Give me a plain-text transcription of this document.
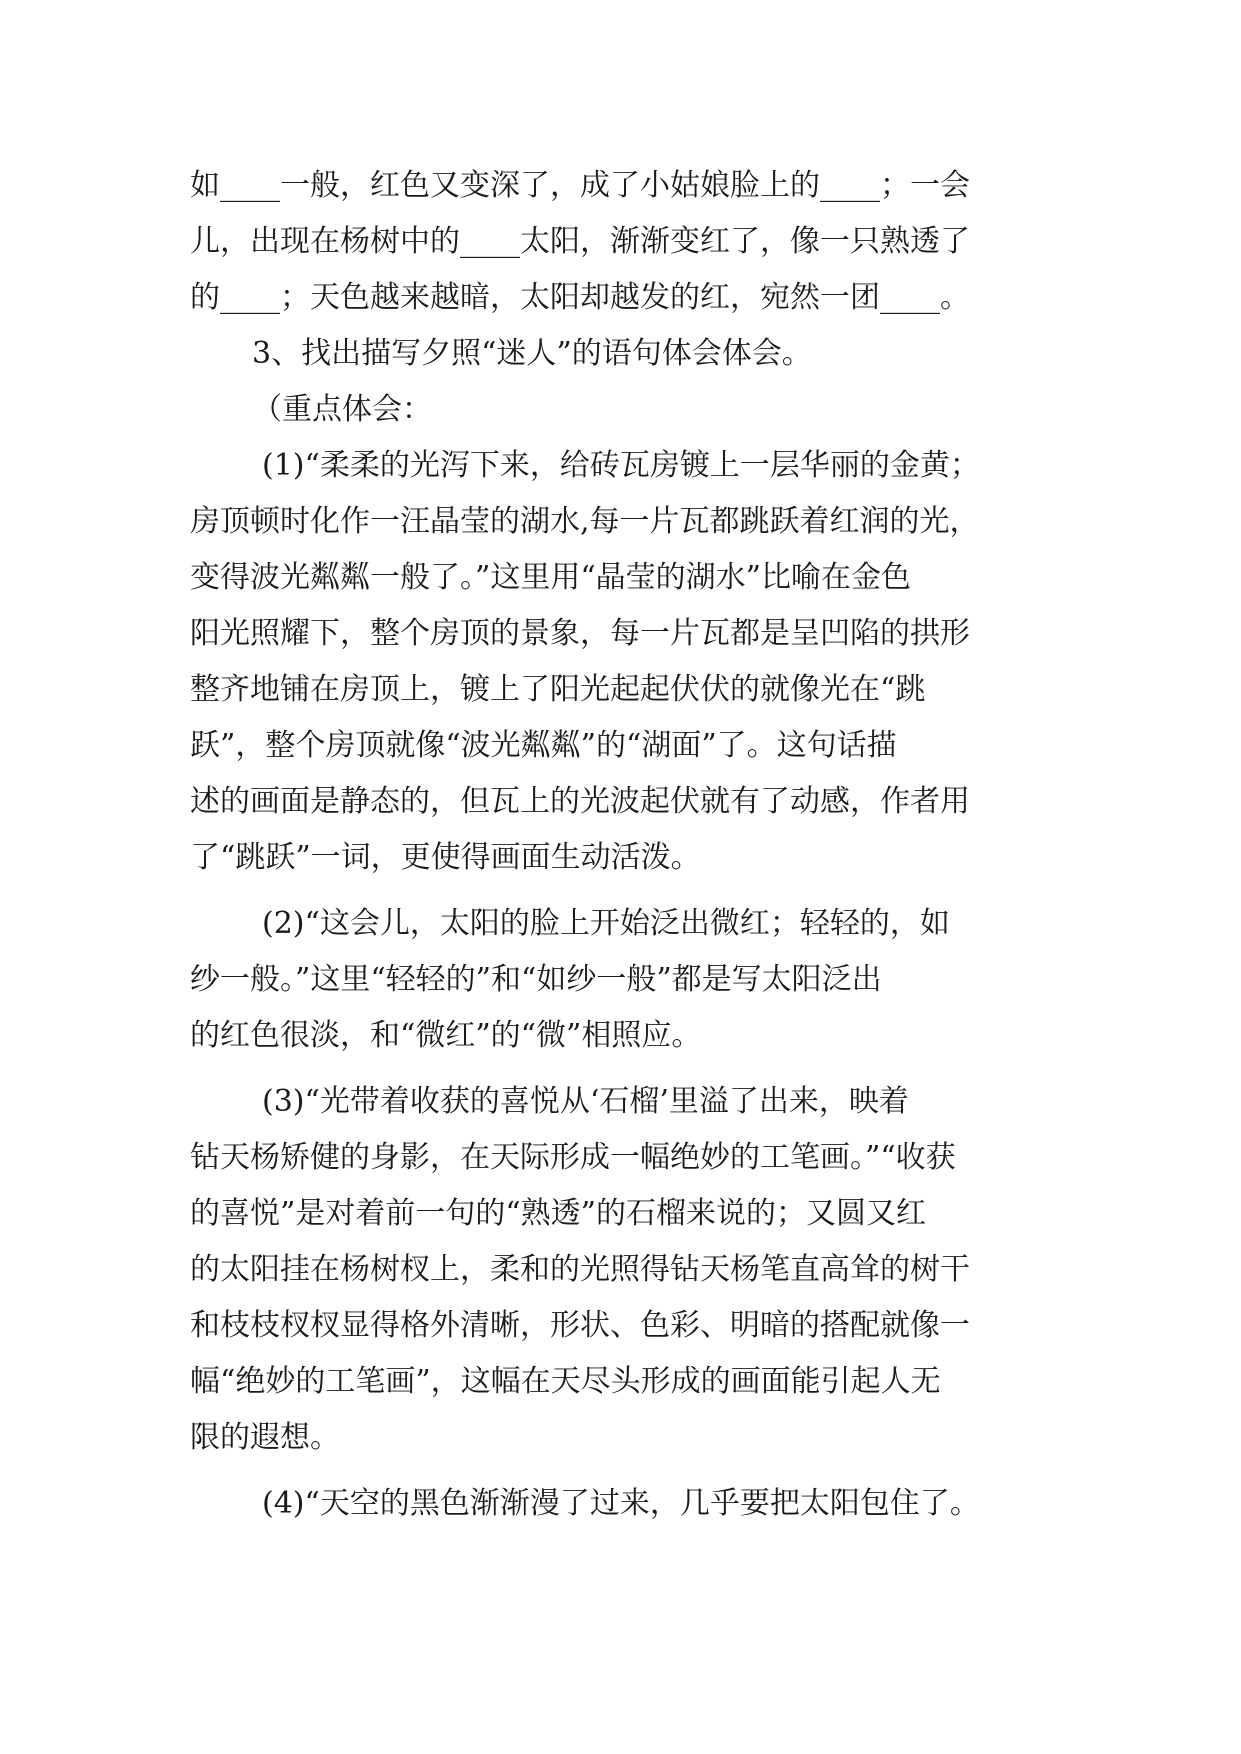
如____一般，红色又变深了，成了小姑娘脸上的____；一会
儿，出现在杨树中的____太阳，渐渐变红了，像一只熟透了
的____；天色越来越暗，太阳却越发的红，宛然一团____。
3、找出描写夕照“迷人”的语句体会体会。
（重点体会：
(1)“柔柔的光泻下来，给砖瓦房镀上一层华丽的金黄；
房顶顿时化作一汪晶莹的湖水,每一片瓦都跳跃着红润的光，
变得波光粼粼一般了。”这里用“晶莹的湖水”比喻在金色
阳光照耀下，整个房顶的景象，每一片瓦都是呈凹陷的拱形
整齐地铺在房顶上，镀上了阳光起起伏伏的就像光在“跳
跃”，整个房顶就像“波光粼粼”的“湖面”了。这句话描
述的画面是静态的，但瓦上的光波起伏就有了动感，作者用
了“跳跃”一词，更使得画面生动活泼。
(2)“这会儿，太阳的脸上开始泛出微红；轻轻的，如
纱一般。”这里“轻轻的”和“如纱一般”都是写太阳泛出
的红色很淡，和“微红”的“微”相照应。
(3)“光带着收获的喜悦从‘石榴’里溢了出来，映着
钻天杨矫健的身影，在天际形成一幅绝妙的工笔画。”“收获
的喜悦”是对着前一句的“熟透”的石榴来说的；又圆又红
的太阳挂在杨树杈上，柔和的光照得钻天杨笔直高耸的树干
和枝枝杈杈显得格外清晰，形状、色彩、明暗的搭配就像一
幅“绝妙的工笔画”，这幅在天尽头形成的画面能引起人无
限的遐想。
(4)“天空的黑色渐渐漫了过来，几乎要把太阳包住了。
